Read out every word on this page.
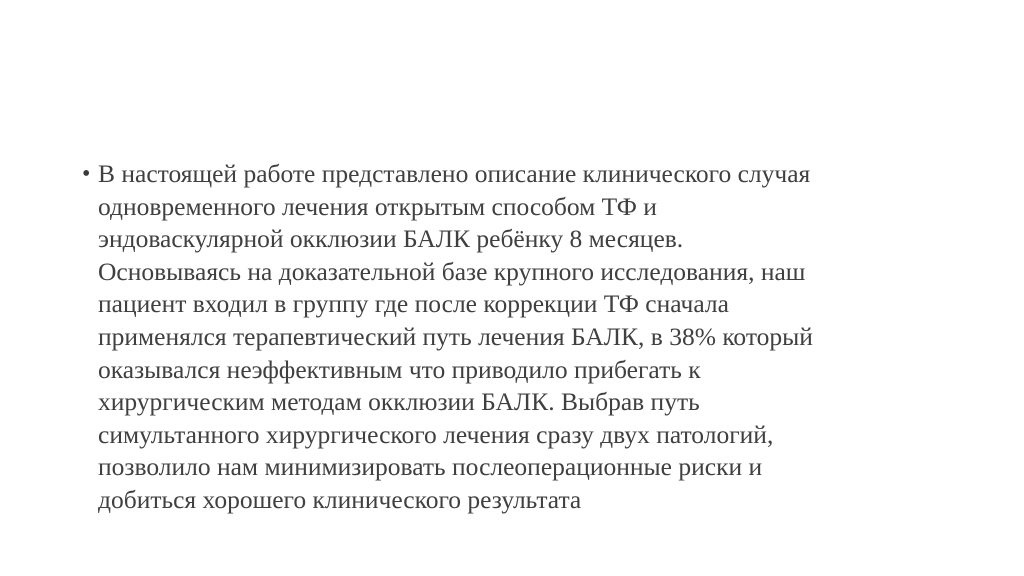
• В настоящей работе представлено описание клинического случая
одновременного лечения открытым способом ТФ и
эндоваскулярной окклюзии БАЛК ребёнку 8 месяцев.
Основываясь на доказательной базе крупного исследования, наш
пациент входил в группу где после коррекции ТФ сначала
применялся терапевтический путь лечения БАЛК, в 38% который
оказывался неэффективным что приводило прибегать к
хирургическим методам окклюзии БАЛК. Выбрав путь
симультанного хирургического лечения сразу двух патологий,
позволило нам минимизировать послеоперационные риски и
добиться хорошего клинического результата
